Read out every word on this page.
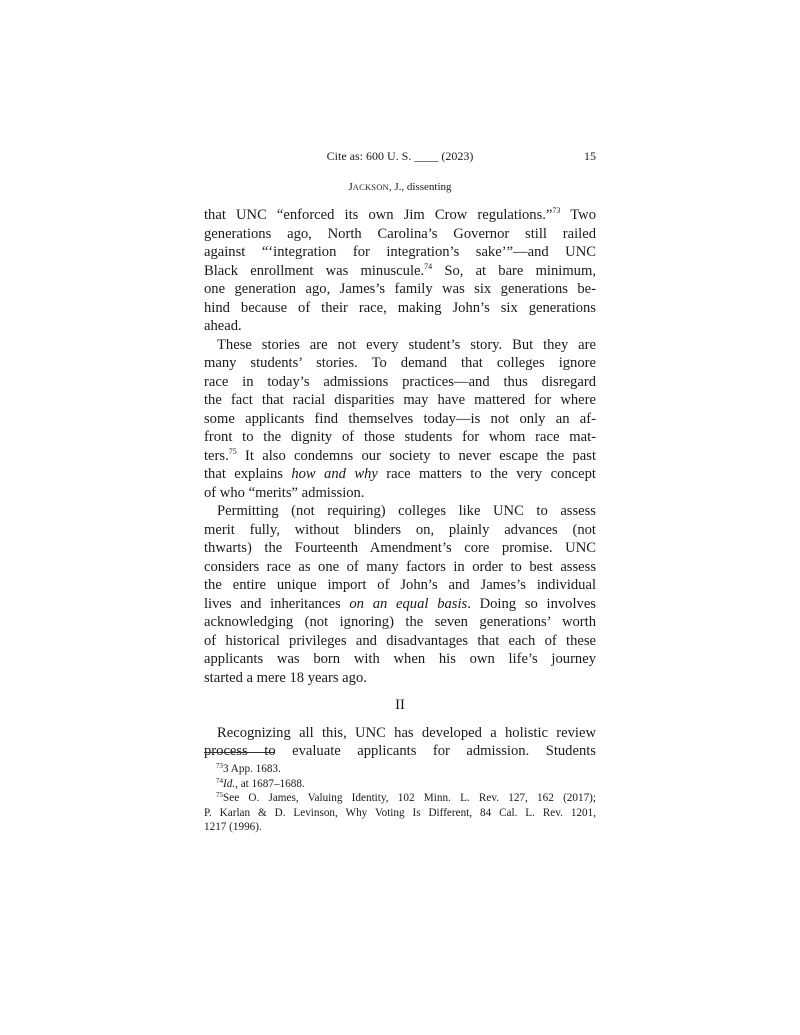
Cite as: 600 U. S. ____ (2023)	15
JACKSON, J., dissenting
that UNC “enforced its own Jim Crow regulations.”$^{73}$ Two
generations ago, North Carolina’s Governor still railed
against “‘integration for integration’s sake’”—and UNC
Black enrollment was minuscule.$^{74}$ So, at bare minimum,
one generation ago, James’s family was six generations be-
hind because of their race, making John’s six generations
ahead.
These stories are not every student’s story. But they are
many students’ stories. To demand that colleges ignore
race in today’s admissions practices—and thus disregard
the fact that racial disparities may have mattered for where
some applicants find themselves today—is not only an af-
front to the dignity of those students for whom race mat-
ters.$^{75}$ It also condemns our society to never escape the past
that explains how and why race matters to the very concept
of who “merits” admission.
Permitting (not requiring) colleges like UNC to assess
merit fully, without blinders on, plainly advances (not
thwarts) the Fourteenth Amendment’s core promise. UNC
considers race as one of many factors in order to best assess
the entire unique import of John’s and James’s individual
lives and inheritances on an equal basis. Doing so involves
acknowledging (not ignoring) the seven generations’ worth
of historical privileges and disadvantages that each of these
applicants was born with when his own life’s journey
started a mere 18 years ago.
II
Recognizing all this, UNC has developed a holistic review
process to evaluate applicants for admission. Students
$^{73}$3 App. 1683.
$^{74}$Id., at 1687–1688.
$^{75}$See O. James, Valuing Identity, 102 Minn. L. Rev. 127, 162 (2017);
P. Karlan & D. Levinson, Why Voting Is Different, 84 Cal. L. Rev. 1201,
1217 (1996).
